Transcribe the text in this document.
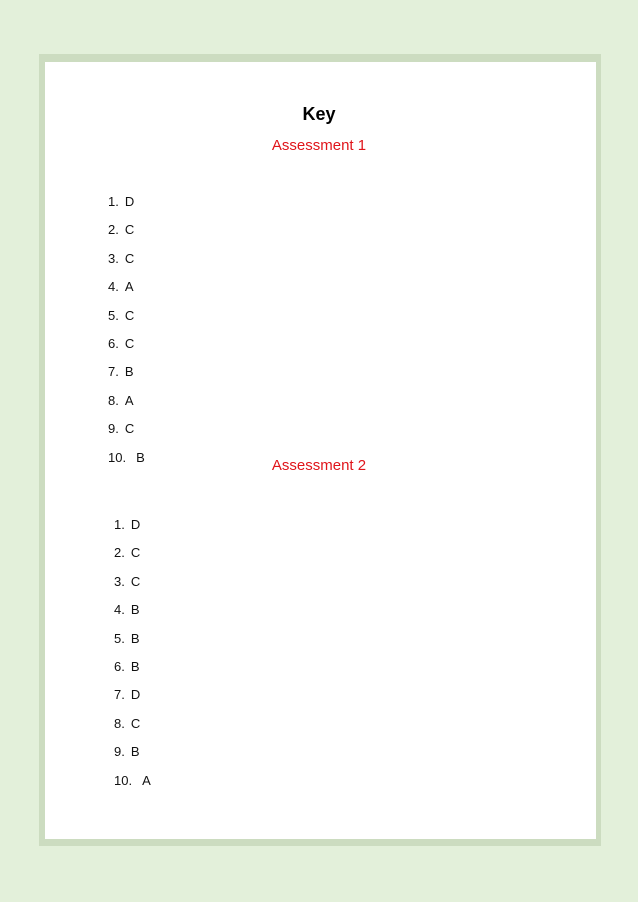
Key
Assessment 1
1. D
2. C
3. C
4. A
5. C
6. C
7. B
8. A
9. C
10. B	Assessment 2
1. D
2. C
3. C
4. B
5. B
6. B
7. D
8. C
9. B
10. A
